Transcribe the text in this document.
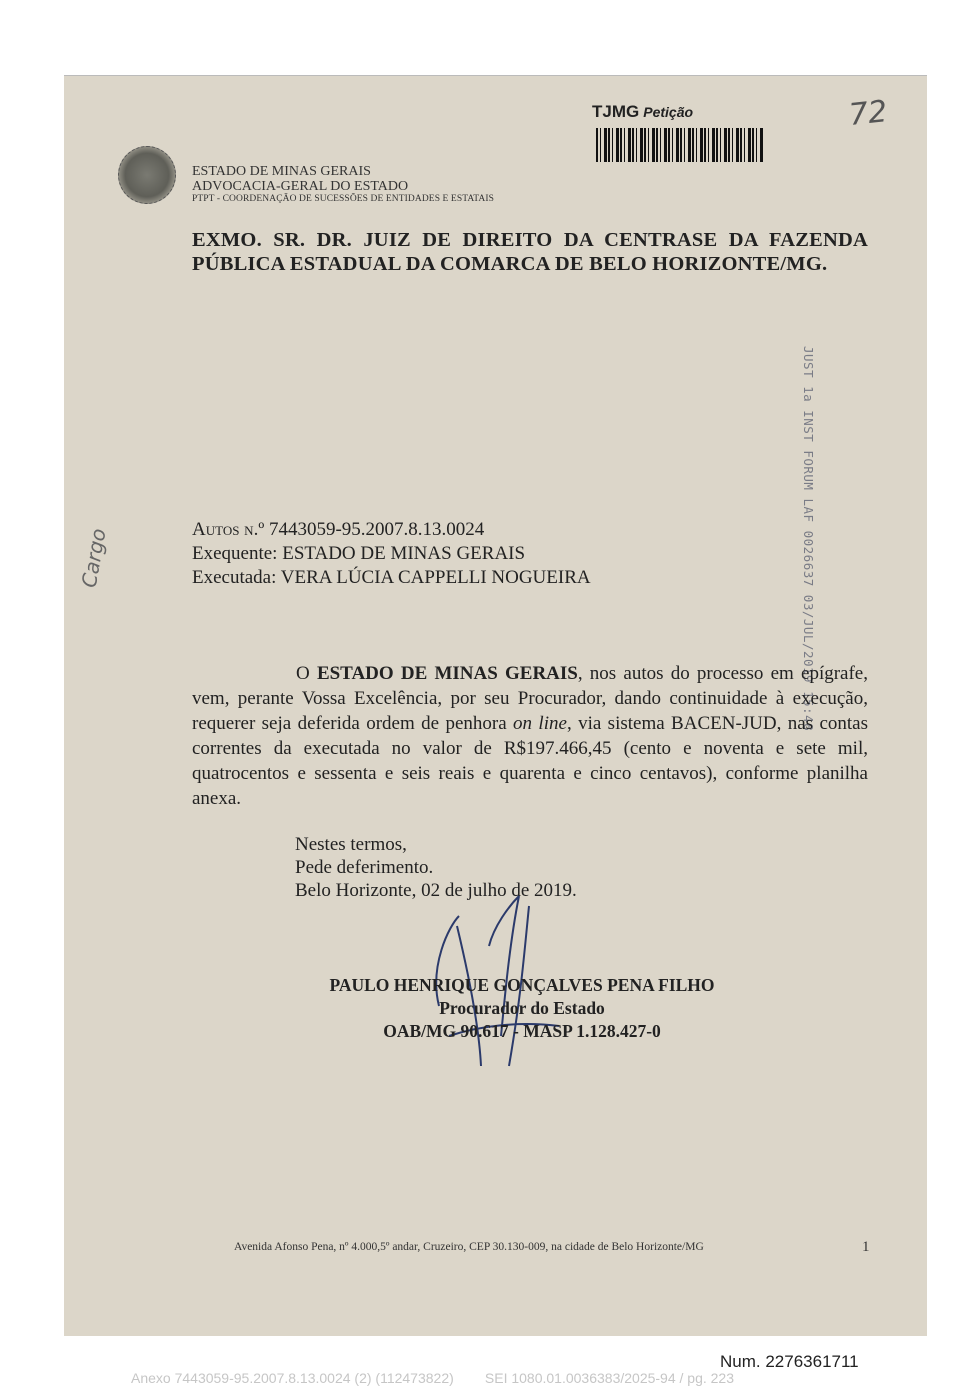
ESTADO DE MINAS GERAIS
ADVOCACIA-GERAL DO ESTADO
PTPT - COORDENAÇÃO DE SUCESSÕES DE ENTIDADES E ESTATAIS
TJMG Petição	72
EXMO. SR. DR. JUIZ DE DIREITO DA CENTRASE DA FAZENDA PÚBLICA ESTADUAL DA COMARCA DE BELO HORIZONTE/MG.
JUST 1a INST FORUM LAF 0026637 03/JUL/2019 15:48
Cargo	Autos n.º 7443059-95.2007.8.13.0024
Exequente: ESTADO DE MINAS GERAIS
Executada: VERA LÚCIA CAPPELLI NOGUEIRA
O ESTADO DE MINAS GERAIS, nos autos do processo em epígrafe, vem, perante Vossa Excelência, por seu Procurador, dando continuidade à execução, requerer seja deferida ordem de penhora on line, via sistema BACEN-JUD, nas contas correntes da executada no valor de R$197.466,45 (cento e noventa e sete mil, quatrocentos e sessenta e seis reais e quarenta e cinco centavos), conforme planilha anexa.
Nestes termos,
Pede deferimento.
Belo Horizonte, 02 de julho de 2019.
PAULO HENRIQUE GONÇALVES PENA FILHO
Procurador do Estado
OAB/MG 90.617 - MASP 1.128.427-0
Avenida Afonso Pena, nº 4.000,5º andar, Cruzeiro, CEP 30.130-009, na cidade de Belo Horizonte/MG	1
Num. 2276361711
Anexo 7443059-95.2007.8.13.0024 (2) (112473822)        SEI 1080.01.0036383/2025-94 / pg. 223
